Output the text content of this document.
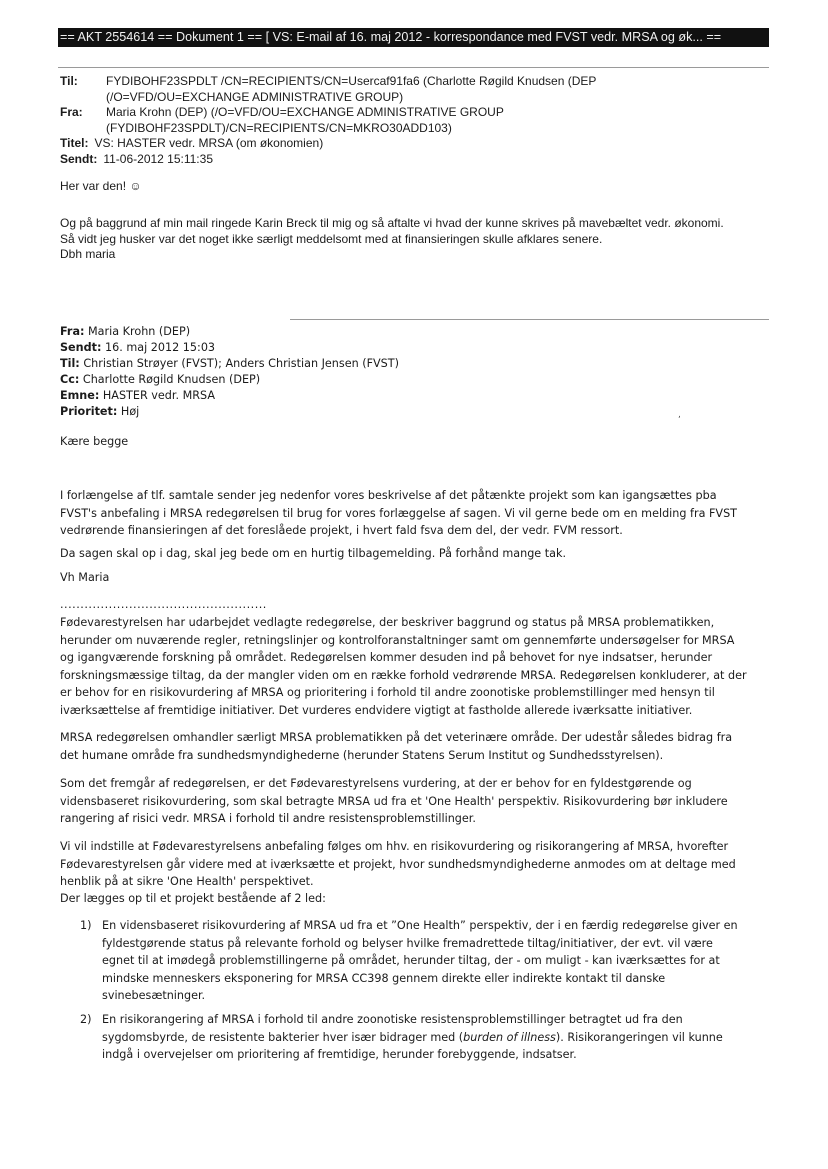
== AKT 2554614 == Dokument 1 == [ VS: E-mail af 16. maj 2012 - korrespondance med FVST vedr. MRSA og øk... ==
Til:	FYDIBOHF23SPDLT /CN=RECIPIENTS/CN=Usercaf91fa6 (Charlotte Røgild Knudsen (DEP
(/O=VFD/OU=EXCHANGE ADMINISTRATIVE GROUP)
Fra:	Maria Krohn (DEP) (/O=VFD/OU=EXCHANGE ADMINISTRATIVE GROUP
(FYDIBOHF23SPDLT)/CN=RECIPIENTS/CN=MKRO30ADD103)
Titel: VS: HASTER vedr. MRSA (om økonomien)
Sendt: 11-06-2012 15:11:35
Her var den! ☺
Og på baggrund af min mail ringede Karin Breck til mig og så aftalte vi hvad der kunne skrives på mavebæltet vedr. økonomi.
Så vidt jeg husker var det noget ikke særligt meddelsomt med at finansieringen skulle afklares senere.
Dbh maria
Fra: Maria Krohn (DEP)
Sendt: 16. maj 2012 15:03
Til: Christian Strøyer (FVST); Anders Christian Jensen (FVST)
Cc: Charlotte Røgild Knudsen (DEP)
Emne: HASTER vedr. MRSA
Prioritet: Høj	,
Kære begge
I forlængelse af tlf. samtale sender jeg nedenfor vores beskrivelse af det påtænkte projekt som kan igangsættes pba
FVST's anbefaling i MRSA redegørelsen til brug for vores forlæggelse af sagen. Vi vil gerne bede om en melding fra FVST
vedrørende finansieringen af det foreslåede projekt, i hvert fald fsva dem del, der vedr. FVM ressort.
Da sagen skal op i dag, skal jeg bede om en hurtig tilbagemelding. På forhånd mange tak.
Vh Maria
...................................................
Fødevarestyrelsen har udarbejdet vedlagte redegørelse, der beskriver baggrund og status på MRSA problematikken,
herunder om nuværende regler, retningslinjer og kontrolforanstaltninger samt om gennemførte undersøgelser for MRSA
og igangværende forskning på området. Redegørelsen kommer desuden ind på behovet for nye indsatser, herunder
forskningsmæssige tiltag, da der mangler viden om en række forhold vedrørende MRSA. Redegørelsen konkluderer, at der
er behov for en risikovurdering af MRSA og prioritering i forhold til andre zoonotiske problemstillinger med hensyn til
iværksættelse af fremtidige initiativer. Det vurderes endvidere vigtigt at fastholde allerede iværksatte initiativer.
MRSA redegørelsen omhandler særligt MRSA problematikken på det veterinære område. Der udestår således bidrag fra
det humane område fra sundhedsmyndighederne (herunder Statens Serum Institut og Sundhedsstyrelsen).
Som det fremgår af redegørelsen, er det Fødevarestyrelsens vurdering, at der er behov for en fyldestgørende og
vidensbaseret risikovurdering, som skal betragte MRSA ud fra et 'One Health' perspektiv. Risikovurdering bør inkludere
rangering af risici vedr. MRSA i forhold til andre resistensproblemstillinger.
Vi vil indstille at Fødevarestyrelsens anbefaling følges om hhv. en risikovurdering og risikorangering af MRSA, hvorefter
Fødevarestyrelsen går videre med at iværksætte et projekt, hvor sundhedsmyndighederne anmodes om at deltage med
henblik på at sikre 'One Health' perspektivet.
Der lægges op til et projekt bestående af 2 led:
1) En vidensbaseret risikovurdering af MRSA ud fra et ”One Health” perspektiv, der i en færdig redegørelse giver en
fyldestgørende status på relevante forhold og belyser hvilke fremadrettede tiltag/initiativer, der evt. vil være
egnet til at imødegå problemstillingerne på området, herunder tiltag, der - om muligt - kan iværksættes for at
mindske menneskers eksponering for MRSA CC398 gennem direkte eller indirekte kontakt til danske
svinebesætninger.
2) En risikorangering af MRSA i forhold til andre zoonotiske resistensproblemstillinger betragtet ud fra den
sygdomsbyrde, de resistente bakterier hver især bidrager med (burden of illness). Risikorangeringen vil kunne
indgå i overvejelser om prioritering af fremtidige, herunder forebyggende, indsatser.
